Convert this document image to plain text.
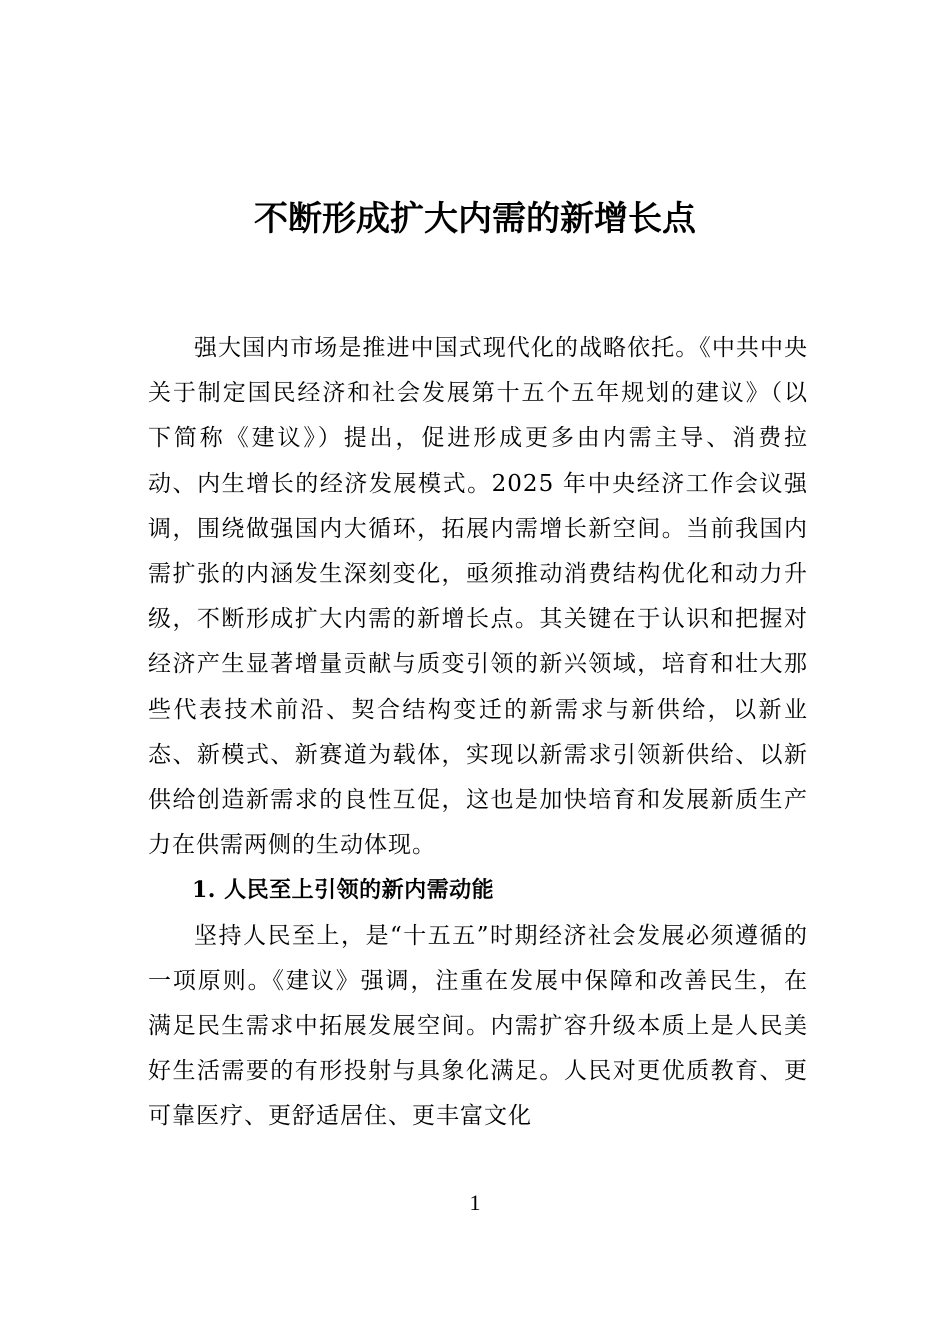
不断形成扩大内需的新增长点

强大国内市场是推进中国式现代化的战略依托。《中共中央关于制定国民经济和社会发展第十五个五年规划的建议》（以下简称《建议》）提出，促进形成更多由内需主导、消费拉动、内生增长的经济发展模式。2025 年中央经济工作会议强调，围绕做强国内大循环，拓展内需增长新空间。当前我国内需扩张的内涵发生深刻变化，亟须推动消费结构优化和动力升级，不断形成扩大内需的新增长点。其关键在于认识和把握对经济产生显著增量贡献与质变引领的新兴领域，培育和壮大那些代表技术前沿、契合结构变迁的新需求与新供给，以新业态、新模式、新赛道为载体，实现以新需求引领新供给、以新供给创造新需求的良性互促，这也是加快培育和发展新质生产力在供需两侧的生动体现。

1. 人民至上引领的新内需动能

坚持人民至上，是“十五五”时期经济社会发展必须遵循的一项原则。《建议》强调，注重在发展中保障和改善民生，在满足民生需求中拓展发展空间。内需扩容升级本质上是人民美好生活需要的有形投射与具象化满足。人民对更优质教育、更可靠医疗、更舒适居住、更丰富文化

1
